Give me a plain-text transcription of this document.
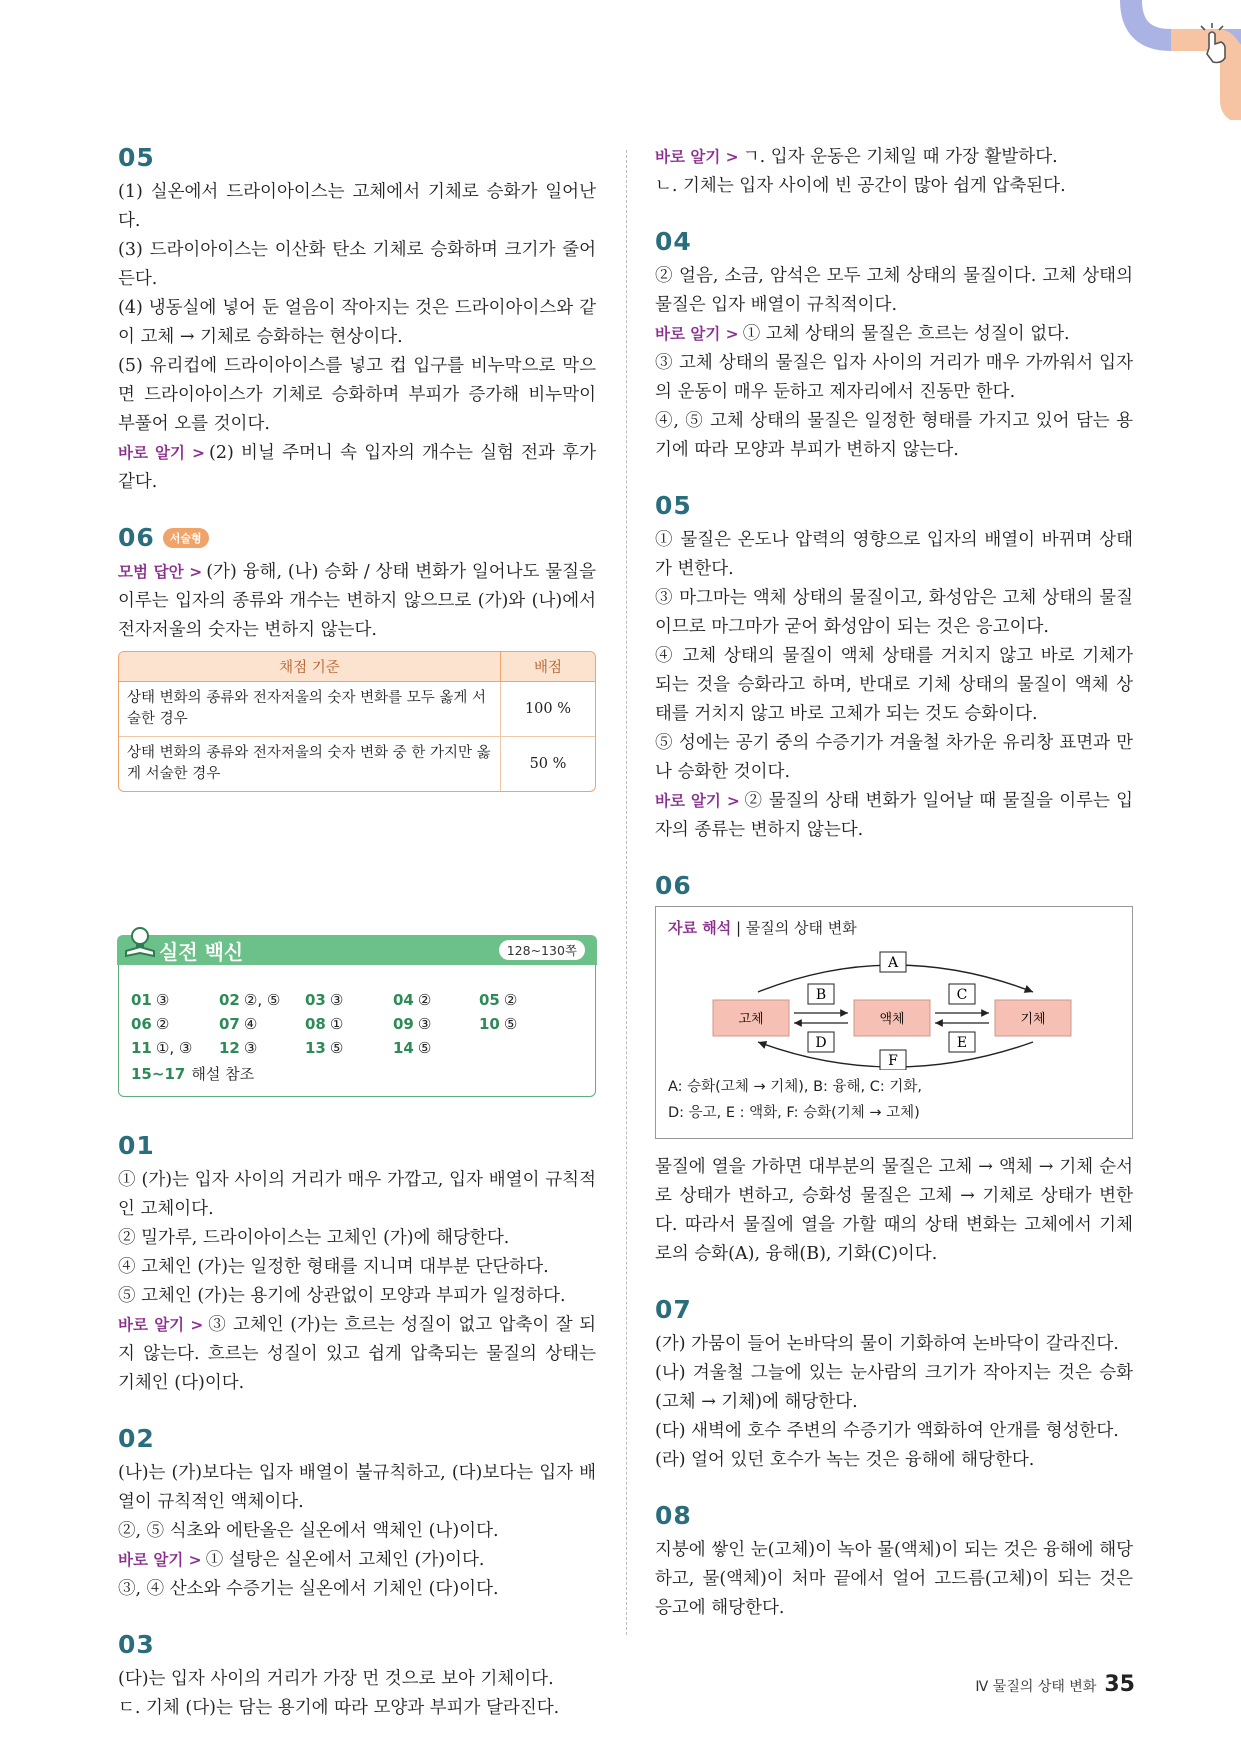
05

(1) 실온에서 드라이아이스는 고체에서 기체로 승화가 일어난다.

(3) 드라이아이스는 이산화 탄소 기체로 승화하며 크기가 줄어든다.

(4) 냉동실에 넣어 둔 얼음이 작아지는 것은 드라이아이스와 같이 고체 → 기체로 승화하는 현상이다.

(5) 유리컵에 드라이아이스를 넣고 컵 입구를 비누막으로 막으면 드라이아이스가 기체로 승화하며 부피가 증가해 비누막이 부풀어 오를 것이다.

바로 알기 > (2) 비닐 주머니 속 입자의 개수는 실험 전과 후가 같다.

06	서술형

모범 답안 > (가) 융해, (나) 승화 / 상태 변화가 일어나도 물질을 이루는 입자의 종류와 개수는 변하지 않으므로 (가)와 (나)에서 전자저울의 숫자는 변하지 않는다.

채점 기준	배점
상태 변화의 종류와 전자저울의 숫자 변화를 모두 옳게 서술한 경우	100 %
상태 변화의 종류와 전자저울의 숫자 변화 중 한 가지만 옳게 서술한 경우	50 %
실전 백신	128~130쪽
01 ③	02 ②, ⑤	03 ③	04 ②	05 ②
06 ②	07 ④	08 ①	09 ③	10 ⑤
11 ①, ③	12 ③	13 ⑤	14 ⑤
15~17 해설 참조
01

① (가)는 입자 사이의 거리가 매우 가깝고, 입자 배열이 규칙적인 고체이다.

② 밀가루, 드라이아이스는 고체인 (가)에 해당한다.

④ 고체인 (가)는 일정한 형태를 지니며 대부분 단단하다.

⑤ 고체인 (가)는 용기에 상관없이 모양과 부피가 일정하다.

바로 알기 > ③ 고체인 (가)는 흐르는 성질이 없고 압축이 잘 되지 않는다. 흐르는 성질이 있고 쉽게 압축되는 물질의 상태는 기체인 (다)이다.

02

(나)는 (가)보다는 입자 배열이 불규칙하고, (다)보다는 입자 배열이 규칙적인 액체이다.

②, ⑤ 식초와 에탄올은 실온에서 액체인 (나)이다.

바로 알기 > ① 설탕은 실온에서 고체인 (가)이다.

③, ④ 산소와 수증기는 실온에서 기체인 (다)이다.

03

(다)는 입자 사이의 거리가 가장 먼 것으로 보아 기체이다.

ㄷ. 기체 (다)는 담는 용기에 따라 모양과 부피가 달라진다.

바로 알기 > ㄱ. 입자 운동은 기체일 때 가장 활발하다.

ㄴ. 기체는 입자 사이에 빈 공간이 많아 쉽게 압축된다.

04

② 얼음, 소금, 암석은 모두 고체 상태의 물질이다. 고체 상태의 물질은 입자 배열이 규칙적이다.

바로 알기 > ① 고체 상태의 물질은 흐르는 성질이 없다.

③ 고체 상태의 물질은 입자 사이의 거리가 매우 가까워서 입자의 운동이 매우 둔하고 제자리에서 진동만 한다.

④, ⑤ 고체 상태의 물질은 일정한 형태를 가지고 있어 담는 용기에 따라 모양과 부피가 변하지 않는다.

05

① 물질은 온도나 압력의 영향으로 입자의 배열이 바뀌며 상태가 변한다.

③ 마그마는 액체 상태의 물질이고, 화성암은 고체 상태의 물질이므로 마그마가 굳어 화성암이 되는 것은 응고이다.

④ 고체 상태의 물질이 액체 상태를 거치지 않고 바로 기체가 되는 것을 승화라고 하며, 반대로 기체 상태의 물질이 액체 상태를 거치지 않고 바로 고체가 되는 것도 승화이다.

⑤ 성에는 공기 중의 수증기가 겨울철 차가운 유리창 표면과 만나 승화한 것이다.

바로 알기 > ② 물질의 상태 변화가 일어날 때 물질을 이루는 입자의 종류는 변하지 않는다.

06
자료 해석 | 물질의 상태 변화
A
F
고체	액체	기체
B
D
C
E
A: 승화(고체 → 기체), B: 융해, C: 기화,
D: 응고, E : 액화, F: 승화(기체 → 고체)

물질에 열을 가하면 대부분의 물질은 고체 → 액체 → 기체 순서로 상태가 변하고, 승화성 물질은 고체 → 기체로 상태가 변한다. 따라서 물질에 열을 가할 때의 상태 변화는 고체에서 기체로의 승화(A), 융해(B), 기화(C)이다.

07

(가) 가뭄이 들어 논바닥의 물이 기화하여 논바닥이 갈라진다.

(나) 겨울철 그늘에 있는 눈사람의 크기가 작아지는 것은 승화(고체 → 기체)에 해당한다.

(다) 새벽에 호수 주변의 수증기가 액화하여 안개를 형성한다.

(라) 얼어 있던 호수가 녹는 것은 융해에 해당한다.

08

지붕에 쌓인 눈(고체)이 녹아 물(액체)이 되는 것은 융해에 해당하고, 물(액체)이 처마 끝에서 얼어 고드름(고체)이 되는 것은 응고에 해당한다.

Ⅳ 물질의 상태 변화 35
